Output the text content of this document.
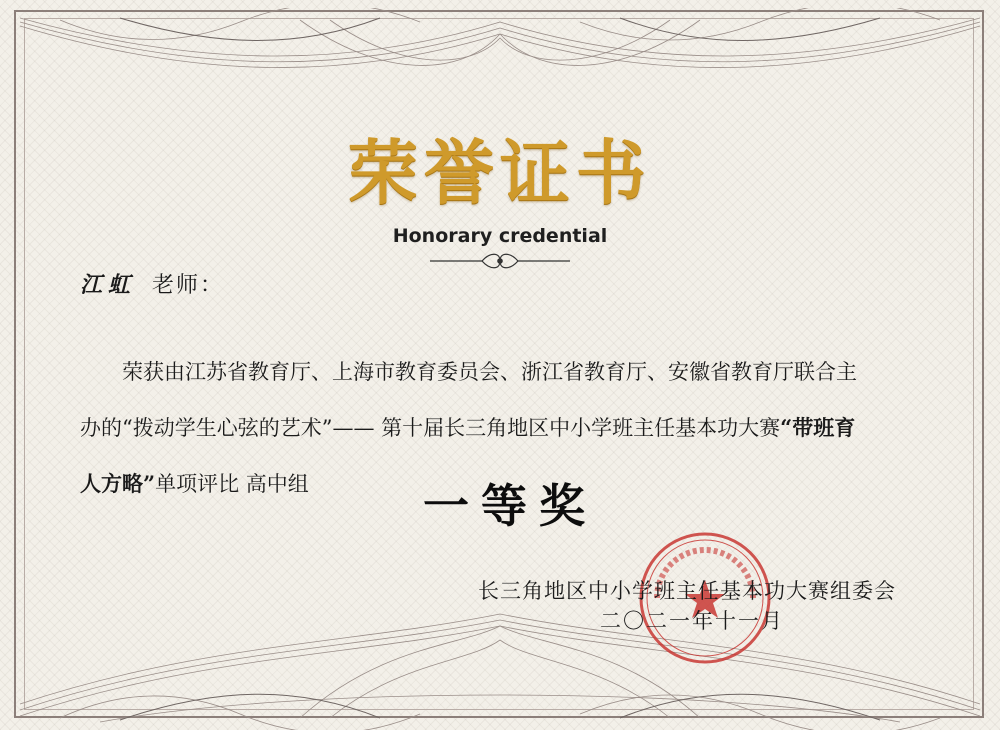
荣誉证书
Honorary credential
江虹 老师：
荣获由江苏省教育厅、上海市教育委员会、浙江省教育厅、安徽省教育厅联合主
办的“拨动学生心弦的艺术”—— 第十届长三角地区中小学班主任基本功大赛“带班育
人方略”单项评比 高中组	一等奖
长三角地区中小学班主任基本功大赛组委会
二〇二一年十一月
